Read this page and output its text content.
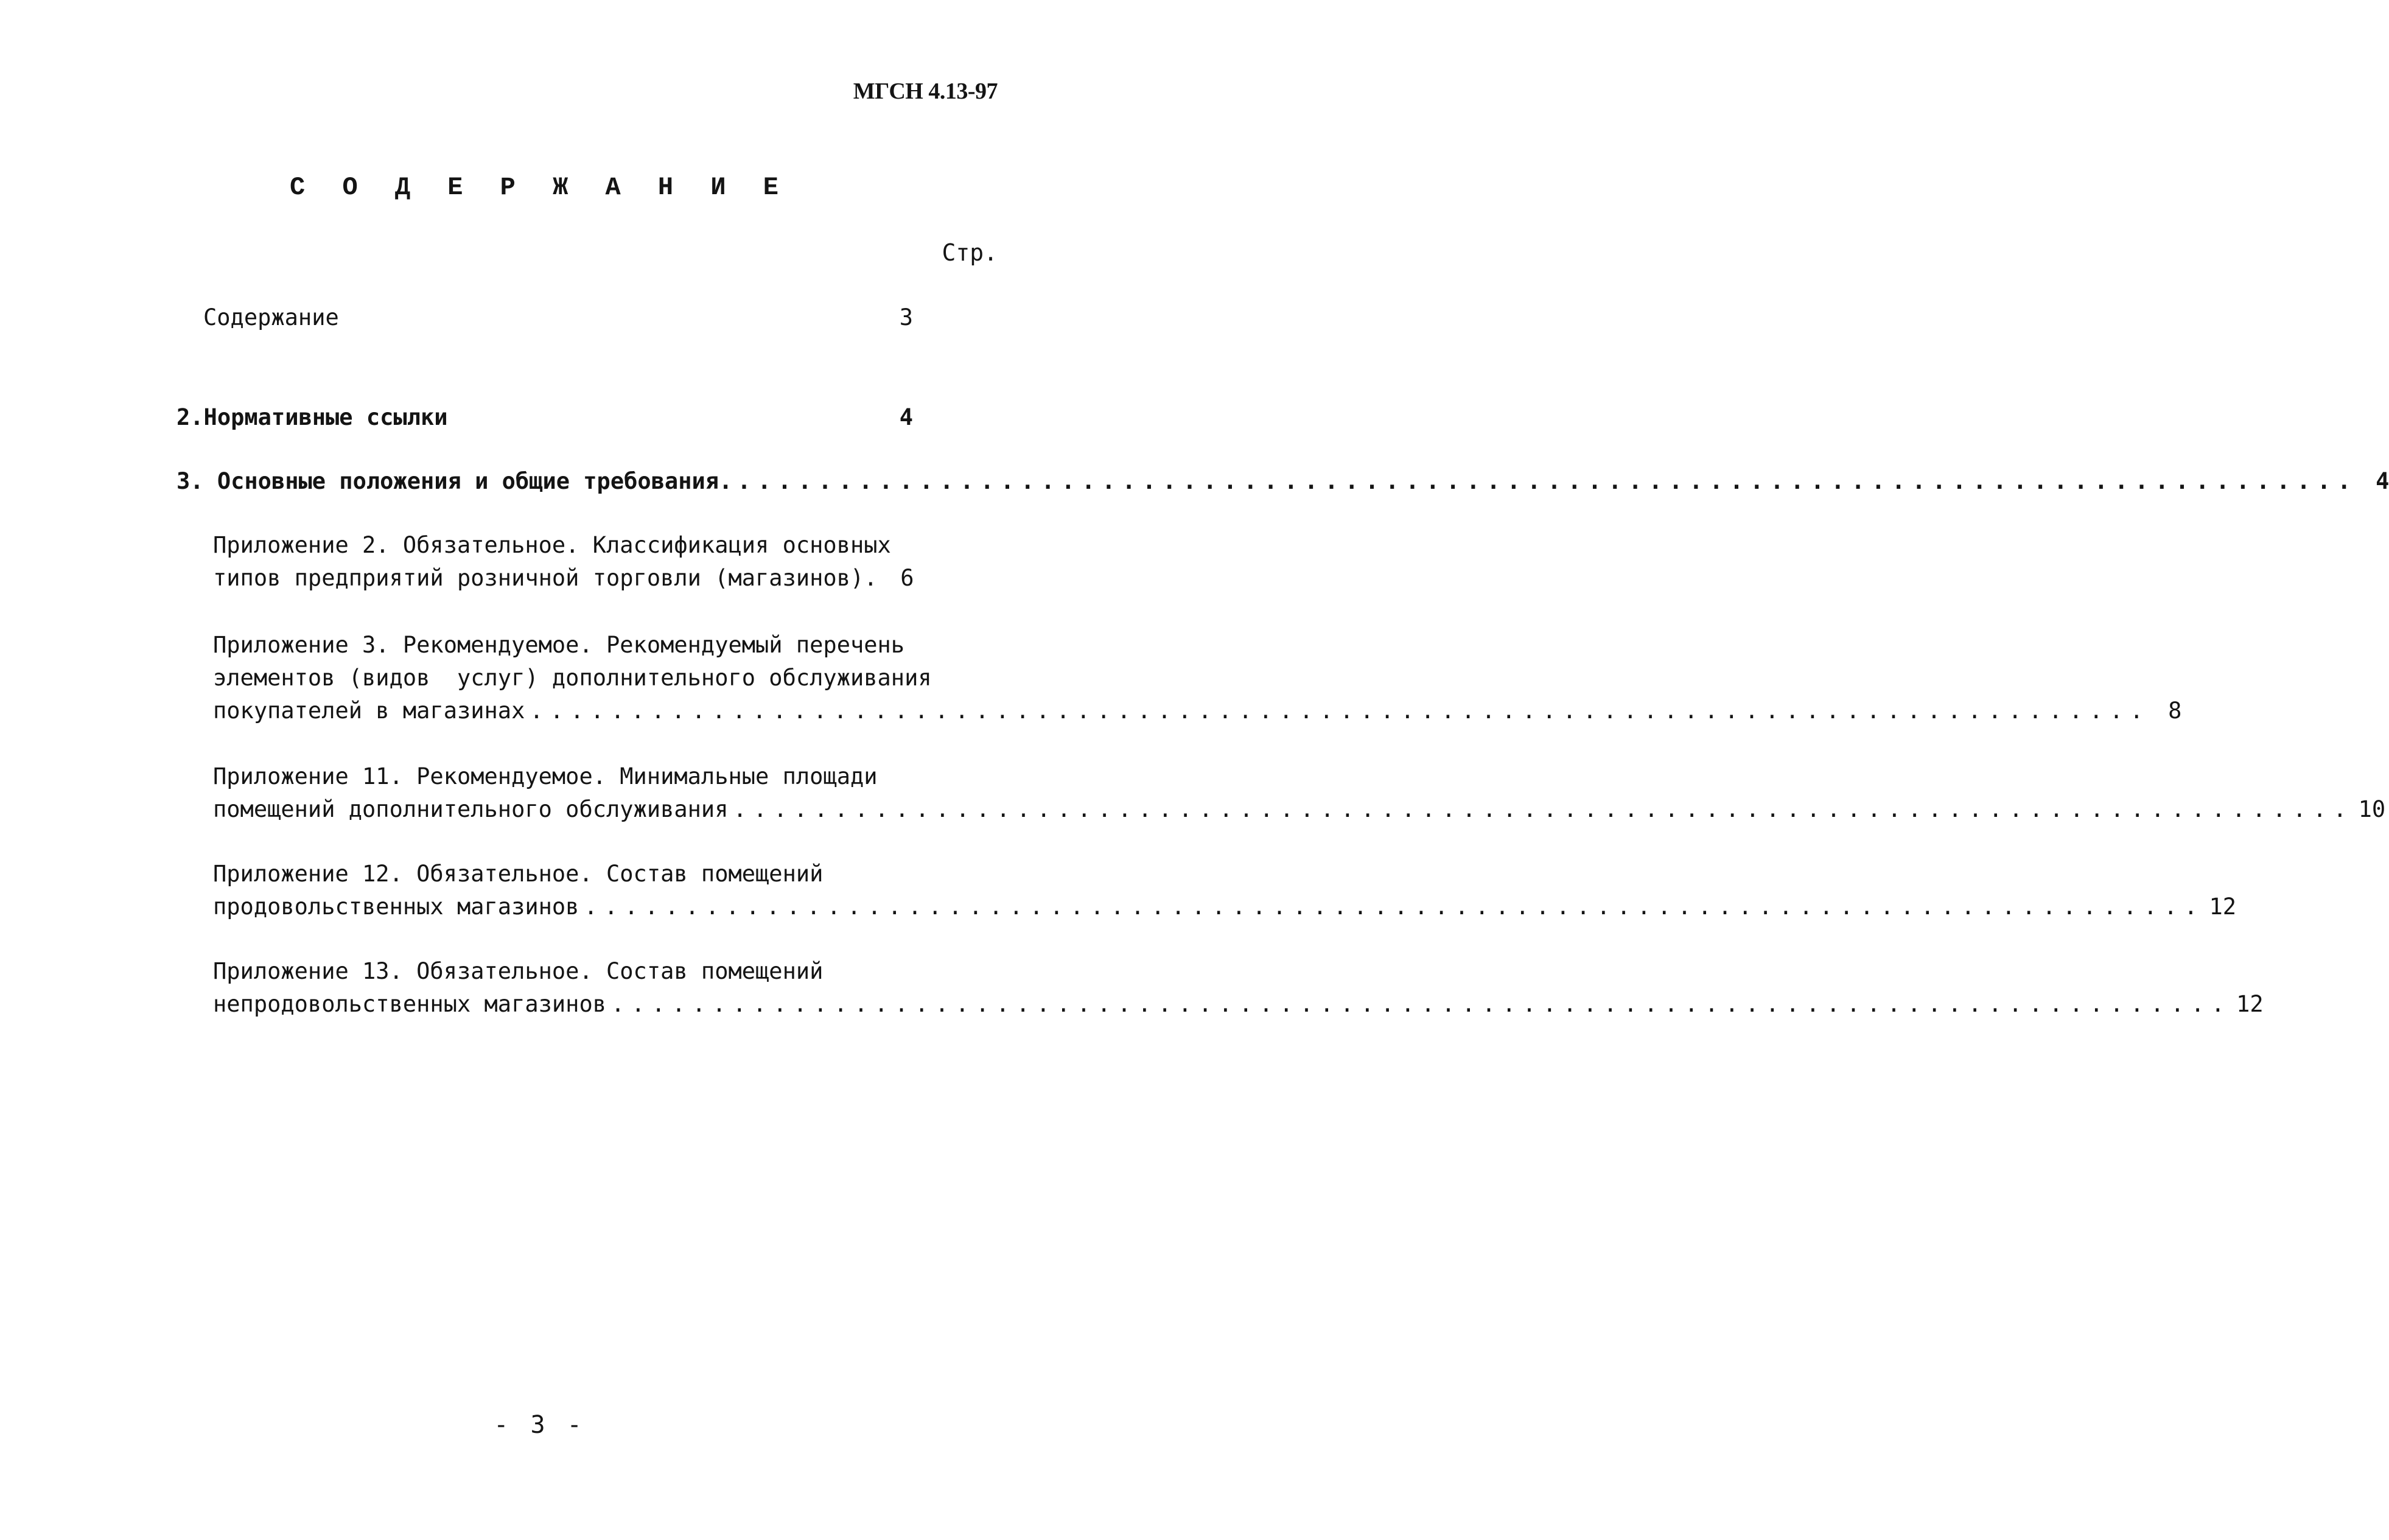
МГСН 4.13-97
С О Д Е Р Ж А Н И Е
Стр.
Содержание	3
2.Нормативные ссылки	4
3. Основные положения и общие требования. ................................................................................ 4
Приложение 2. Обязательное. Классификация основных
типов предприятий розничной торговли (магазинов).	6
Приложение 3. Рекомендуемое. Рекомендуемый перечень
элементов (видов  услуг) дополнительного обслуживания
покупателей в магазинах ................................................................................ 8
Приложение 11. Рекомендуемое. Минимальные площади
помещений дополнительного обслуживания ................................................................................ 10
Приложение 12. Обязательное. Состав помещений
продовольственных магазинов ................................................................................ 12
Приложение 13. Обязательное. Состав помещений
непродовольственных магазинов ................................................................................ 12
- 3 -
